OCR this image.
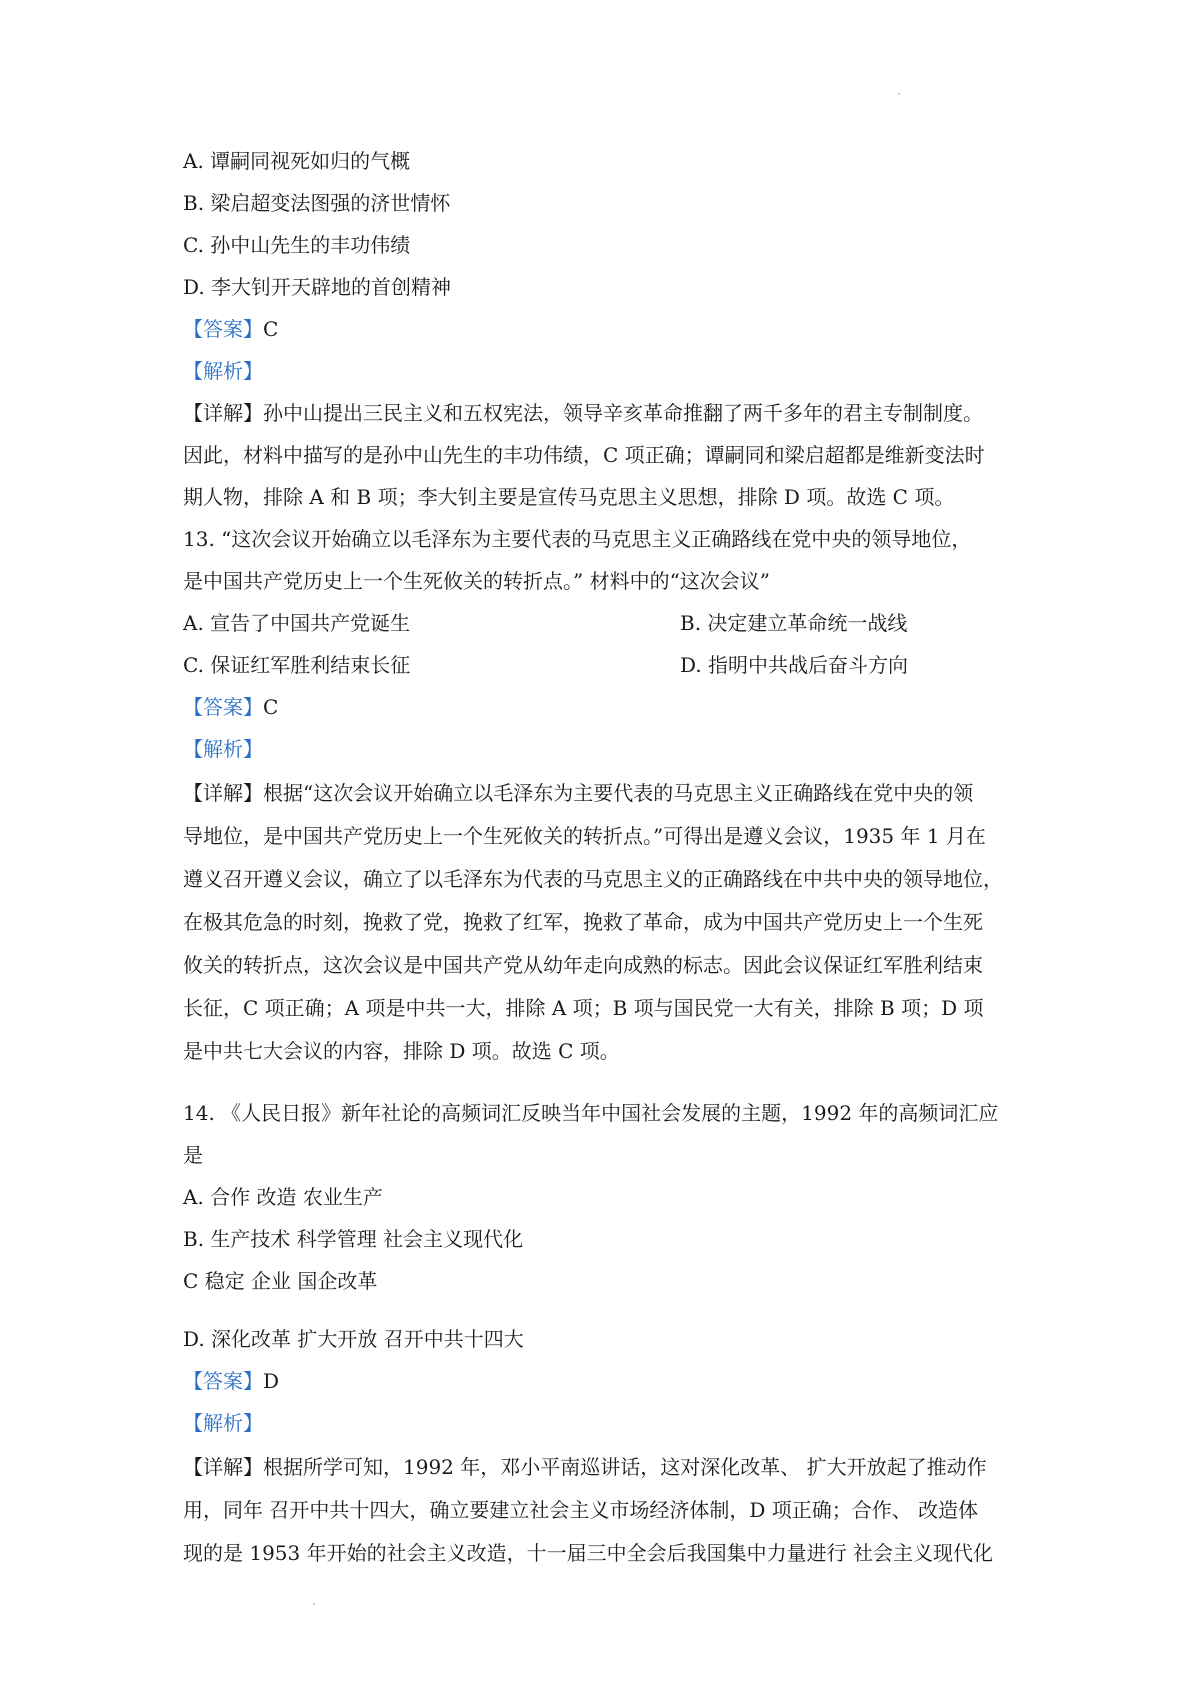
A. 谭嗣同视死如归的气概
B. 梁启超变法图强的济世情怀
C. 孙中山先生的丰功伟绩
D. 李大钊开天辟地的首创精神
【答案】C
【解析】
【详解】孙中山提出三民主义和五权宪法，领导辛亥革命推翻了两千多年的君主专制制度。
因此，材料中描写的是孙中山先生的丰功伟绩，C 项正确；谭嗣同和梁启超都是维新变法时
期人物，排除 A 和 B 项；李大钊主要是宣传马克思主义思想，排除 D 项。故选 C 项。
13. “这次会议开始确立以毛泽东为主要代表的马克思主义正确路线在党中央的领导地位，
是中国共产党历史上一个生死攸关的转折点。” 材料中的“这次会议”
A. 宣告了中国共产党诞生	B. 决定建立革命统一战线
C. 保证红军胜利结束长征	D. 指明中共战后奋斗方向
【答案】C
【解析】
【详解】根据“这次会议开始确立以毛泽东为主要代表的马克思主义正确路线在党中央的领
导地位，是中国共产党历史上一个生死攸关的转折点。”可得出是遵义会议，1935 年 1 月在
遵义召开遵义会议，确立了以毛泽东为代表的马克思主义的正确路线在中共中央的领导地位，
在极其危急的时刻，挽救了党，挽救了红军，挽救了革命，成为中国共产党历史上一个生死
攸关的转折点，这次会议是中国共产党从幼年走向成熟的标志。因此会议保证红军胜利结束
长征，C 项正确；A 项是中共一大，排除 A 项；B 项与国民党一大有关，排除 B 项；D 项
是中共七大会议的内容，排除 D 项。故选 C 项。
14. 《人民日报》新年社论的高频词汇反映当年中国社会发展的主题，1992 年的高频词汇应
是
A. 合作 改造 农业生产
B. 生产技术 科学管理 社会主义现代化
C 稳定 企业 国企改革
D. 深化改革 扩大开放 召开中共十四大
【答案】D
【解析】
【详解】根据所学可知，1992 年，邓小平南巡讲话，这对深化改革、 扩大开放起了推动作
用，同年 召开中共十四大，确立要建立社会主义市场经济体制，D 项正确；合作、 改造体
现的是 1953 年开始的社会主义改造，十一届三中全会后我国集中力量进行 社会主义现代化
